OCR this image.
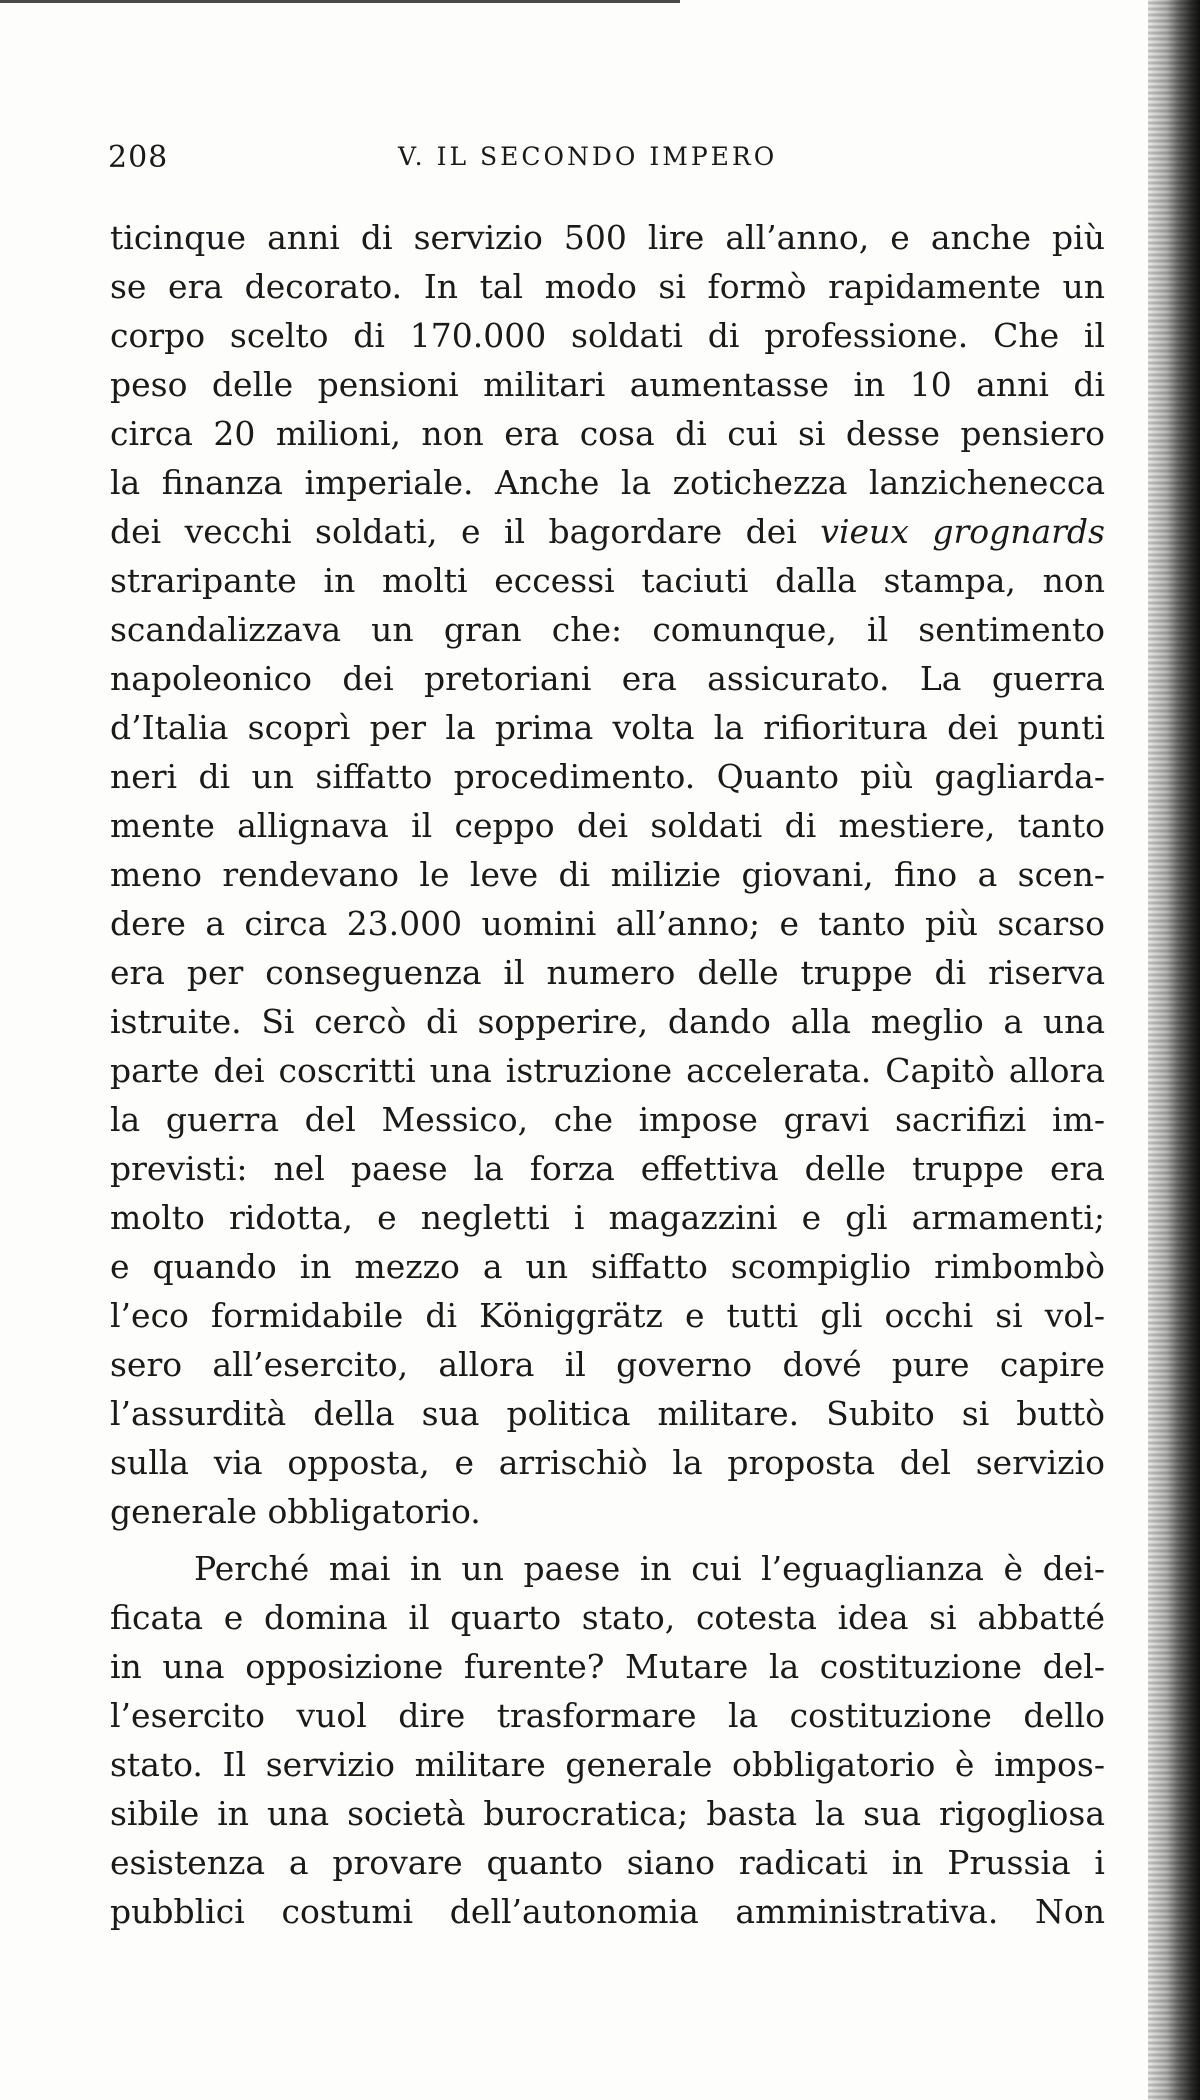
208	V. IL SECONDO IMPERO
ticinque anni di servizio 500 lire all’anno, e anche più
se era decorato. In tal modo si formò rapidamente un
corpo scelto di 170.000 soldati di professione. Che il
peso delle pensioni militari aumentasse in 10 anni di
circa 20 milioni, non era cosa di cui si desse pensiero
la finanza imperiale. Anche la zotichezza lanzichenecca
dei vecchi soldati, e il bagordare dei vieux grognards
straripante in molti eccessi taciuti dalla stampa, non
scandalizzava un gran che: comunque, il sentimento
napoleonico dei pretoriani era assicurato. La guerra
d’Italia scoprì per la prima volta la rifioritura dei punti
neri di un siffatto procedimento. Quanto più gagliarda-
mente allignava il ceppo dei soldati di mestiere, tanto
meno rendevano le leve di milizie giovani, fino a scen-
dere a circa 23.000 uomini all’anno; e tanto più scarso
era per conseguenza il numero delle truppe di riserva
istruite. Si cercò di sopperire, dando alla meglio a una
parte dei coscritti una istruzione accelerata. Capitò allora
la guerra del Messico, che impose gravi sacrifizi im-
previsti: nel paese la forza effettiva delle truppe era
molto ridotta, e negletti i magazzini e gli armamenti;
e quando in mezzo a un siffatto scompiglio rimbombò
l’eco formidabile di Königgrätz e tutti gli occhi si vol-
sero all’esercito, allora il governo dové pure capire
l’assurdità della sua politica militare. Subito si buttò
sulla via opposta, e arrischiò la proposta del servizio
generale obbligatorio.
Perché mai in un paese in cui l’eguaglianza è dei-
ficata e domina il quarto stato, cotesta idea si abbatté
in una opposizione furente? Mutare la costituzione del-
l’esercito vuol dire trasformare la costituzione dello
stato. Il servizio militare generale obbligatorio è impos-
sibile in una società burocratica; basta la sua rigogliosa
esistenza a provare quanto siano radicati in Prussia i
pubblici costumi dell’autonomia amministrativa. Non
